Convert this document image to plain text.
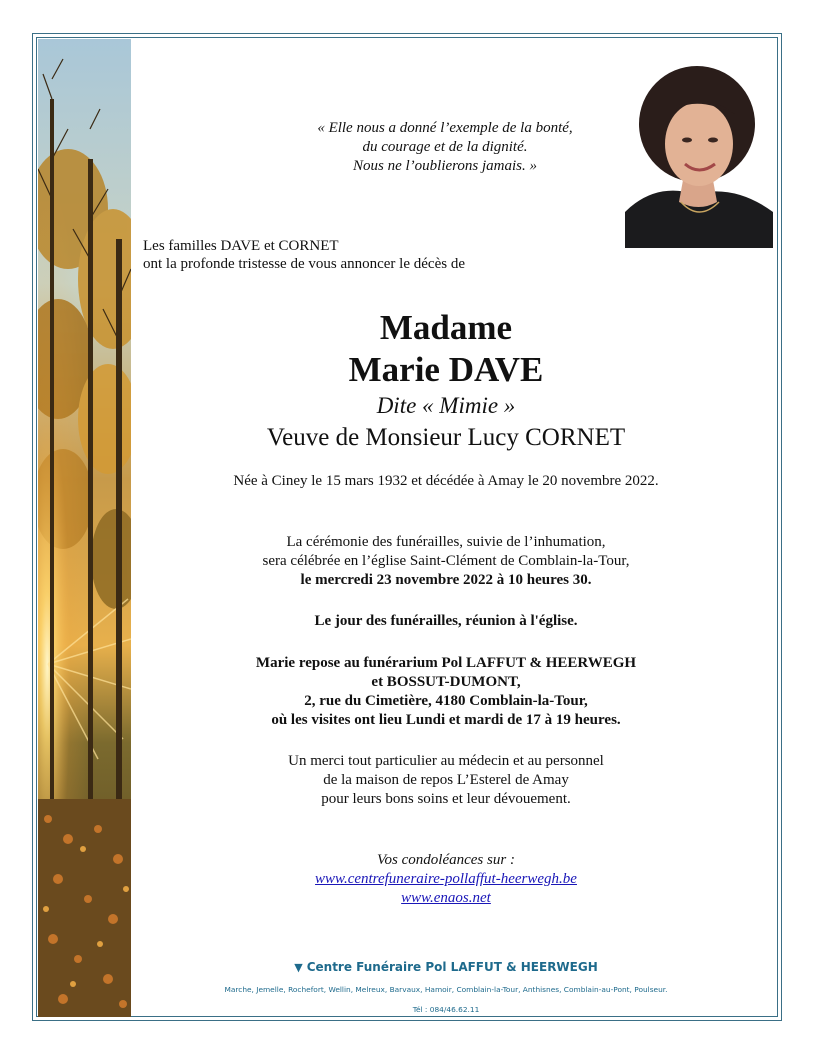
« Elle nous a donné l’exemple de la bonté,
du courage et de la dignité.
Nous ne l’oublierons jamais. »
Les familles DAVE et CORNET
ont la profonde tristesse de vous annoncer le décès de
Madame
Marie DAVE
Dite « Mimie »
Veuve de Monsieur Lucy CORNET
Née à Ciney le 15 mars 1932 et décédée à Amay le 20 novembre 2022.
La cérémonie des funérailles, suivie de l’inhumation,
sera célébrée en l’église Saint-Clément de Comblain-la-Tour,
le mercredi 23 novembre 2022 à 10 heures 30.
Le jour des funérailles, réunion à l'église.
Marie repose au funérarium Pol LAFFUT & HEERWEGH
et BOSSUT-DUMONT,
2, rue du Cimetière, 4180 Comblain-la-Tour,
où les visites ont lieu Lundi et mardi de 17 à 19 heures.
Un merci tout particulier au médecin et au personnel
de la maison de repos L’Esterel de Amay
pour leurs bons soins et leur dévouement.
Vos condoléances sur :
www.centrefuneraire-pollaffut-heerwegh.be
www.enaos.net
▼ Centre Funéraire Pol LAFFUT & HEERWEGH
Marche, Jemelle, Rochefort, Wellin, Melreux, Barvaux, Hamoir, Comblain-la-Tour, Anthisnes, Comblain-au-Pont, Poulseur.
Tél : 084/46.62.11
